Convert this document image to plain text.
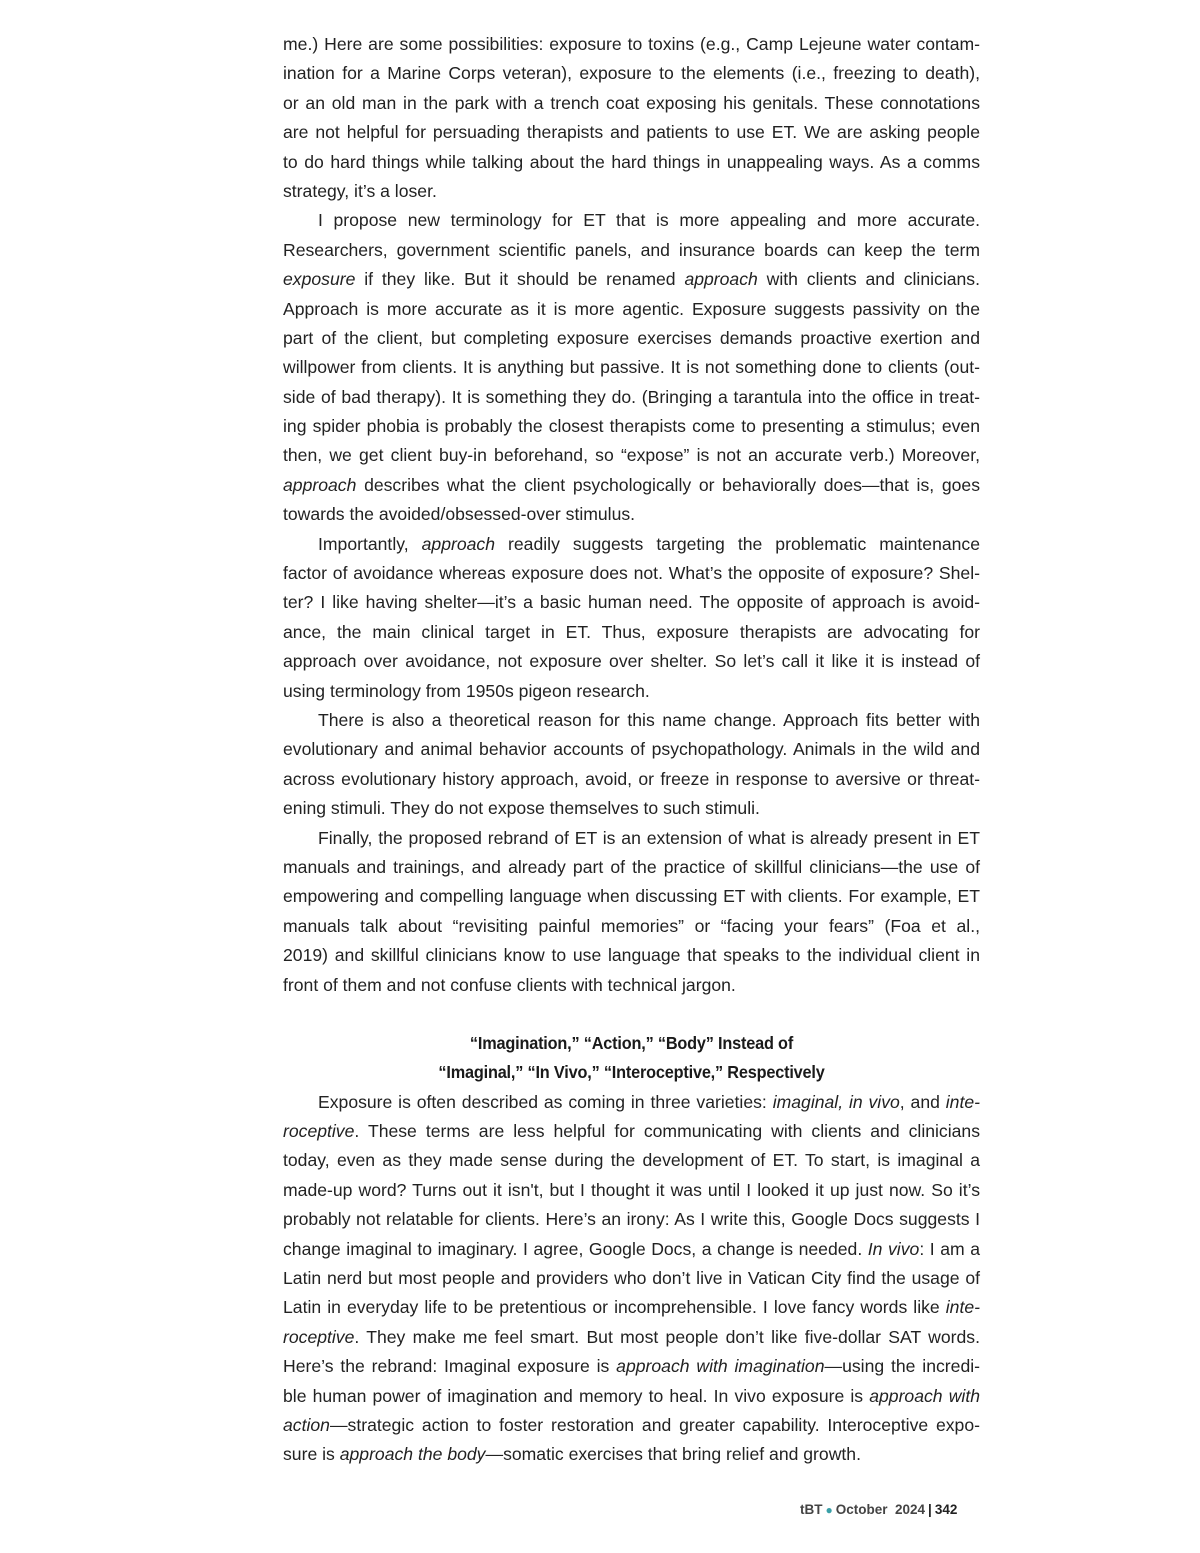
me.) Here are some possibilities: exposure to toxins (e.g., Camp Lejeune water contam-
ination for a Marine Corps veteran), exposure to the elements (i.e., freezing to death),
or an old man in the park with a trench coat exposing his genitals. These connotations
are not helpful for persuading therapists and patients to use ET. We are asking people
to do hard things while talking about the hard things in unappealing ways. As a comms
strategy, it’s a loser.
I propose new terminology for ET that is more appealing and more accurate.
Researchers, government scientific panels, and insurance boards can keep the term
exposure if they like. But it should be renamed approach with clients and clinicians.
Approach is more accurate as it is more agentic. Exposure suggests passivity on the
part of the client, but completing exposure exercises demands proactive exertion and
willpower from clients. It is anything but passive. It is not something done to clients (out-
side of bad therapy). It is something they do. (Bringing a tarantula into the office in treat-
ing spider phobia is probably the closest therapists come to presenting a stimulus; even
then, we get client buy-in beforehand, so “expose” is not an accurate verb.) Moreover,
approach describes what the client psychologically or behaviorally does—that is, goes
towards the avoided/obsessed-over stimulus.
Importantly, approach readily suggests targeting the problematic maintenance
factor of avoidance whereas exposure does not. What’s the opposite of exposure? Shel-
ter? I like having shelter—it’s a basic human need. The opposite of approach is avoid-
ance, the main clinical target in ET. Thus, exposure therapists are advocating for
approach over avoidance, not exposure over shelter. So let’s call it like it is instead of
using terminology from 1950s pigeon research.
There is also a theoretical reason for this name change. Approach fits better with
evolutionary and animal behavior accounts of psychopathology. Animals in the wild and
across evolutionary history approach, avoid, or freeze in response to aversive or threat-
ening stimuli. They do not expose themselves to such stimuli.
Finally, the proposed rebrand of ET is an extension of what is already present in ET
manuals and trainings, and already part of the practice of skillful clinicians—the use of
empowering and compelling language when discussing ET with clients. For example, ET
manuals talk about “revisiting painful memories” or “facing your fears” (Foa et al.,
2019) and skillful clinicians know to use language that speaks to the individual client in
front of them and not confuse clients with technical jargon.
“Imagination,” “Action,” “Body” Instead of
“Imaginal,” “In Vivo,” “Interoceptive,” Respectively
Exposure is often described as coming in three varieties: imaginal, in vivo, and inte-
roceptive. These terms are less helpful for communicating with clients and clinicians
today, even as they made sense during the development of ET. To start, is imaginal a
made-up word? Turns out it isn't, but I thought it was until I looked it up just now. So it’s
probably not relatable for clients. Here’s an irony: As I write this, Google Docs suggests I
change imaginal to imaginary. I agree, Google Docs, a change is needed. In vivo: I am a
Latin nerd but most people and providers who don’t live in Vatican City find the usage of
Latin in everyday life to be pretentious or incomprehensible. I love fancy words like inte-
roceptive. They make me feel smart. But most people don’t like five-dollar SAT words.
Here’s the rebrand: Imaginal exposure is approach with imagination—using the incredi-
ble human power of imagination and memory to heal. In vivo exposure is approach with
action—strategic action to foster restoration and greater capability. Interoceptive expo-
sure is approach the body—somatic exercises that bring relief and growth.
tBT ● October  2024 | 342
